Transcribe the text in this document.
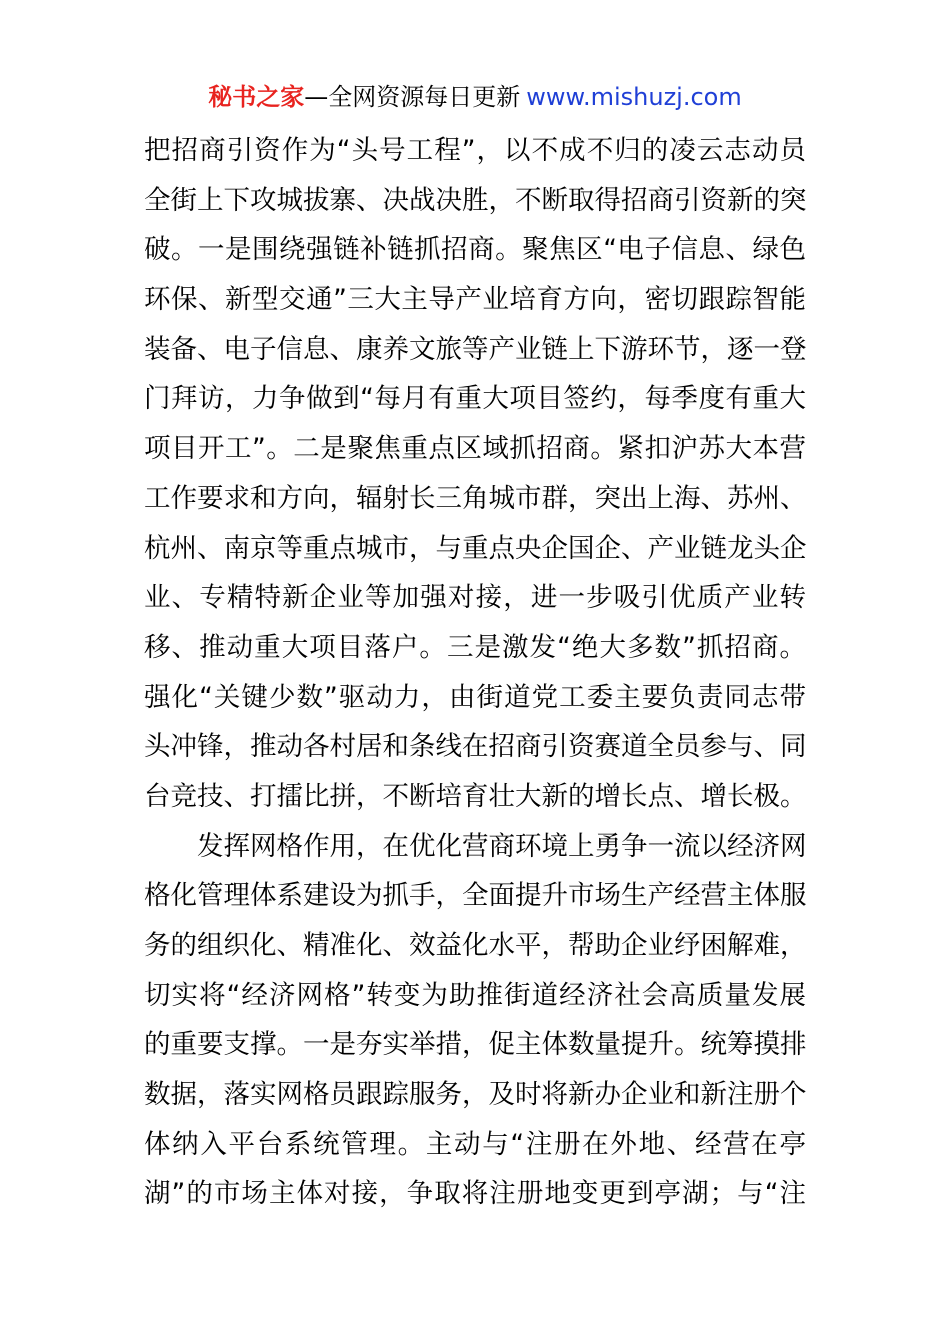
秘书之家—全网资源每日更新 www.mishuzj.com
把招商引资作为“头号工程”，以不成不归的凌云志动员
全街上下攻城拔寨、决战决胜，不断取得招商引资新的突
破。一是围绕强链补链抓招商。聚焦区“电子信息、绿色
环保、新型交通”三大主导产业培育方向，密切跟踪智能
装备、电子信息、康养文旅等产业链上下游环节，逐一登
门拜访，力争做到“每月有重大项目签约，每季度有重大
项目开工”。二是聚焦重点区域抓招商。紧扣沪苏大本营
工作要求和方向，辐射长三角城市群，突出上海、苏州、
杭州、南京等重点城市，与重点央企国企、产业链龙头企
业、专精特新企业等加强对接，进一步吸引优质产业转
移、推动重大项目落户。三是激发“绝大多数”抓招商。
强化“关键少数”驱动力，由街道党工委主要负责同志带
头冲锋，推动各村居和条线在招商引资赛道全员参与、同
台竞技、打擂比拼，不断培育壮大新的增长点、增长极。
发挥网格作用，在优化营商环境上勇争一流以经济网
格化管理体系建设为抓手，全面提升市场生产经营主体服
务的组织化、精准化、效益化水平，帮助企业纾困解难，
切实将“经济网格”转变为助推街道经济社会高质量发展
的重要支撑。一是夯实举措，促主体数量提升。统筹摸排
数据，落实网格员跟踪服务，及时将新办企业和新注册个
体纳入平台系统管理。主动与“注册在外地、经营在亭
湖”的市场主体对接，争取将注册地变更到亭湖；与“注
